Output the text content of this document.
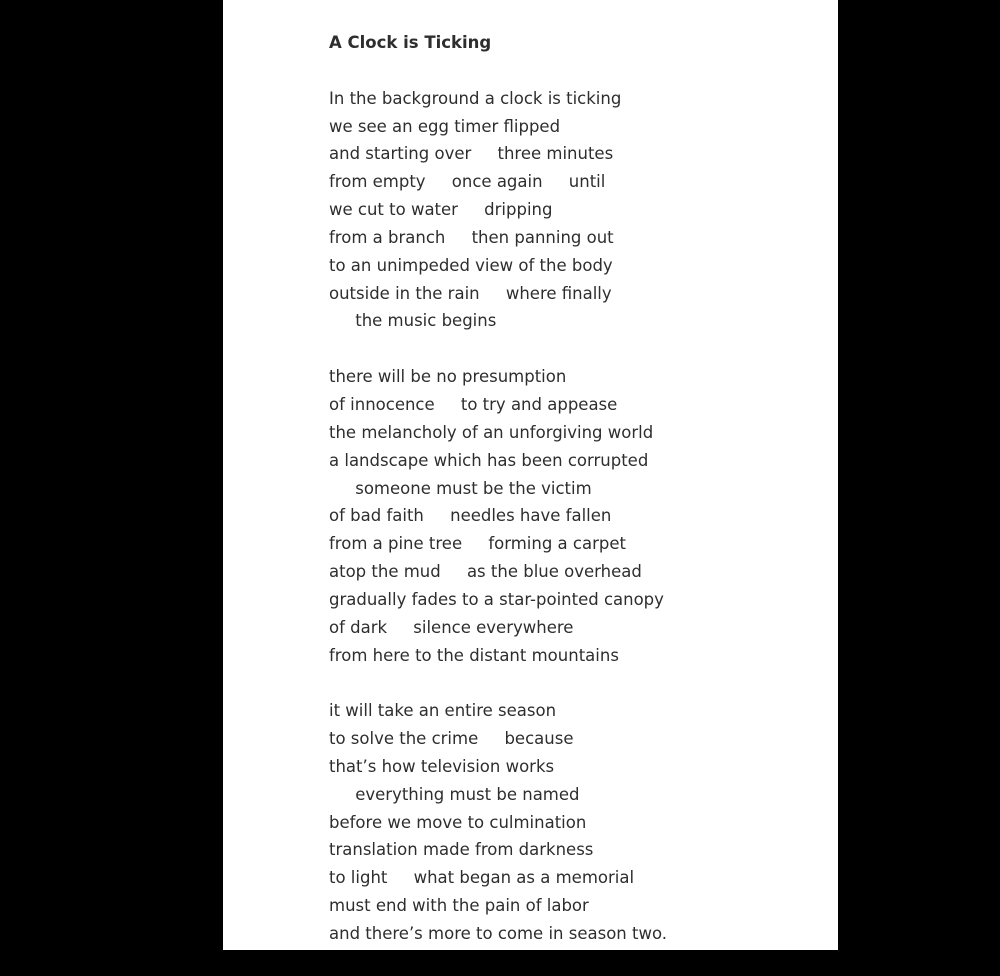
A Clock is Ticking
In the background a clock is ticking
we see an egg timer flipped
and starting over     three minutes
from empty     once again     until
we cut to water     dripping
from a branch     then panning out
to an unimpeded view of the body
outside in the rain     where finally
the music begins
there will be no presumption
of innocence     to try and appease
the melancholy of an unforgiving world
a landscape which has been corrupted
someone must be the victim
of bad faith     needles have fallen
from a pine tree     forming a carpet
atop the mud     as the blue overhead
gradually fades to a star-pointed canopy
of dark     silence everywhere
from here to the distant mountains
it will take an entire season
to solve the crime     because
that’s how television works
everything must be named
before we move to culmination
translation made from darkness
to light     what began as a memorial
must end with the pain of labor
and there’s more to come in season two.
